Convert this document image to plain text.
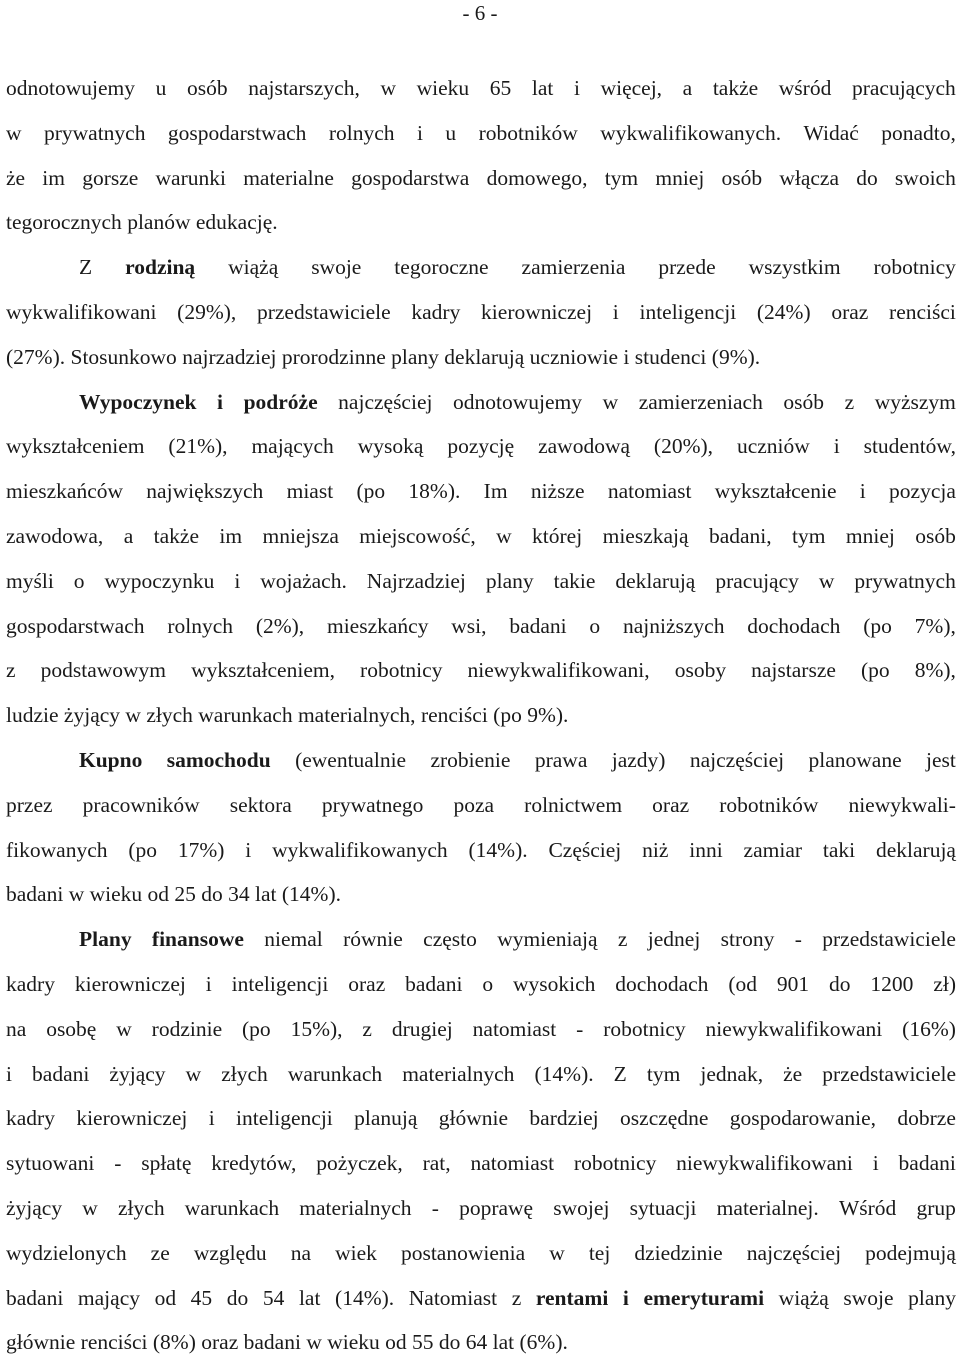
- 6 -
odnotowujemy u osób najstarszych, w wieku 65 lat i więcej, a także wśród pracujących
w prywatnych gospodarstwach rolnych i u robotników wykwalifikowanych. Widać ponadto,
że im gorsze warunki materialne gospodarstwa domowego, tym mniej osób włącza do swoich
tegorocznych planów edukację.
Z rodziną wiążą swoje tegoroczne zamierzenia przede wszystkim robotnicy
wykwalifikowani (29%), przedstawiciele kadry kierowniczej i inteligencji (24%) oraz renciści
(27%). Stosunkowo najrzadziej prorodzinne plany deklarują uczniowie i studenci (9%).
Wypoczynek i podróże najczęściej odnotowujemy w zamierzeniach osób z wyższym
wykształceniem (21%), mających wysoką pozycję zawodową (20%), uczniów i studentów,
mieszkańców największych miast (po 18%). Im niższe natomiast wykształcenie i pozycja
zawodowa, a także im mniejsza miejscowość, w której mieszkają badani, tym mniej osób
myśli o wypoczynku i wojażach. Najrzadziej plany takie deklarują pracujący w prywatnych
gospodarstwach rolnych (2%), mieszkańcy wsi, badani o najniższych dochodach (po 7%),
z podstawowym wykształceniem, robotnicy niewykwalifikowani, osoby najstarsze (po 8%),
ludzie żyjący w złych warunkach materialnych, renciści (po 9%).
Kupno samochodu (ewentualnie zrobienie prawa jazdy) najczęściej planowane jest
przez pracowników sektora prywatnego poza rolnictwem oraz robotników niewykwali-
fikowanych (po 17%) i wykwalifikowanych (14%). Częściej niż inni zamiar taki deklarują
badani w wieku od 25 do 34 lat (14%).
Plany finansowe niemal równie często wymieniają z jednej strony - przedstawiciele
kadry kierowniczej i inteligencji oraz badani o wysokich dochodach (od 901 do 1200 zł)
na osobę w rodzinie (po 15%), z drugiej natomiast - robotnicy niewykwalifikowani (16%)
i badani żyjący w złych warunkach materialnych (14%). Z tym jednak, że przedstawiciele
kadry kierowniczej i inteligencji planują głównie bardziej oszczędne gospodarowanie, dobrze
sytuowani - spłatę kredytów, pożyczek, rat, natomiast robotnicy niewykwalifikowani i badani
żyjący w złych warunkach materialnych - poprawę swojej sytuacji materialnej. Wśród grup
wydzielonych ze względu na wiek postanowienia w tej dziedzinie najczęściej podejmują
badani mający od 45 do 54 lat (14%). Natomiast z rentami i emeryturami wiążą swoje plany
głównie renciści (8%) oraz badani w wieku od 55 do 64 lat (6%).
